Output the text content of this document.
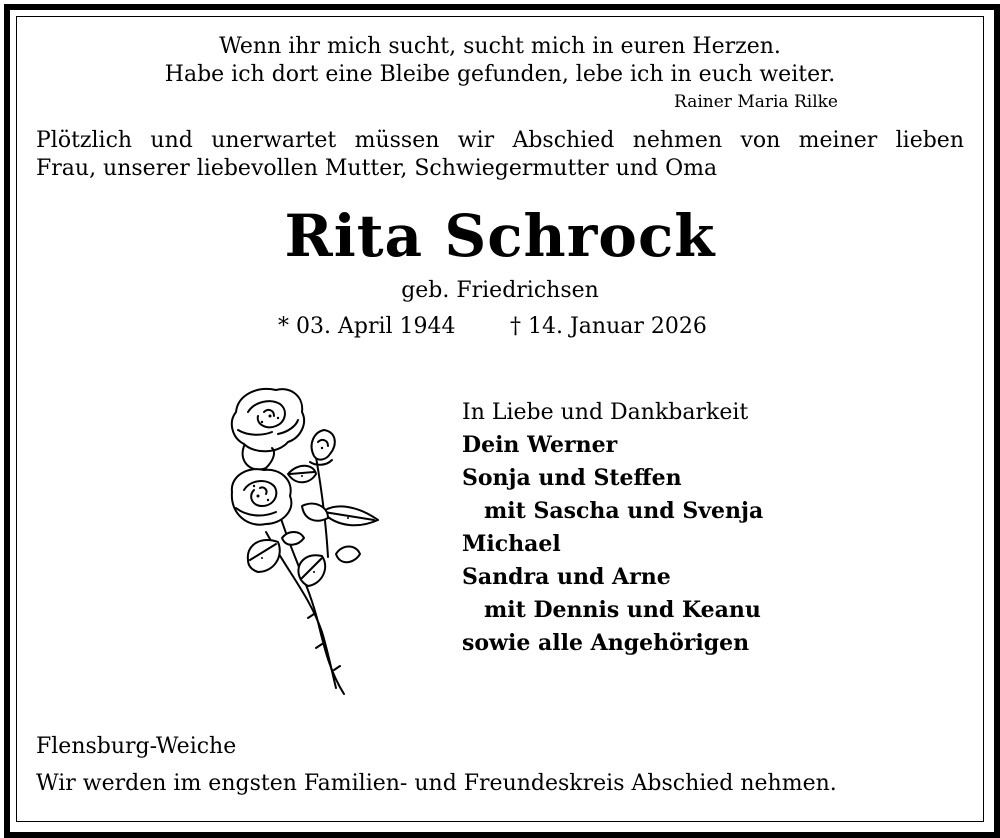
Wenn ihr mich sucht, sucht mich in euren Herzen.
Habe ich dort eine Bleibe gefunden, lebe ich in euch weiter.
Rainer Maria Rilke
Plötzlich und unerwartet müssen wir Abschied nehmen von meiner lieben
Frau, unserer liebevollen Mutter, Schwiegermutter und Oma
Rita Schrock
geb. Friedrichsen
* 03. April 1944 † 14. Januar 2026
In Liebe und Dankbarkeit
Dein Werner
Sonja und Steffen
mit Sascha und Svenja
Michael
Sandra und Arne
mit Dennis und Keanu
sowie alle Angehörigen
Flensburg-Weiche
Wir werden im engsten Familien- und Freundeskreis Abschied nehmen.
